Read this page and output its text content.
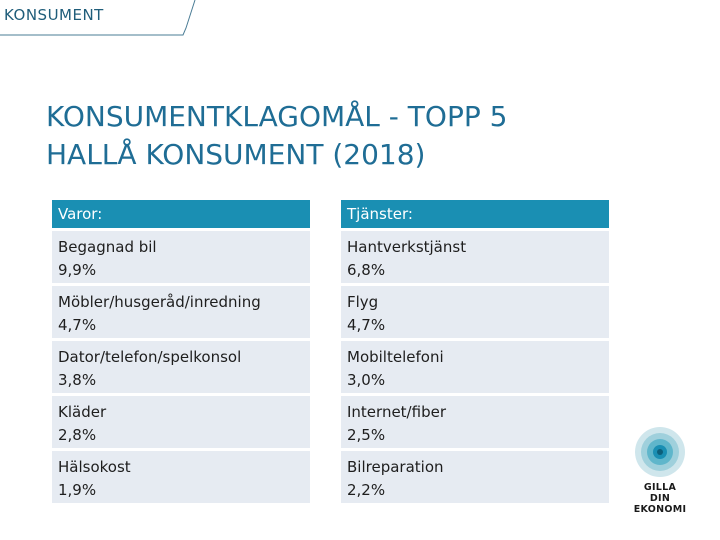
KONSUMENT
KONSUMENTKLAGOMÅL - TOPP 5
HALLÅ KONSUMENT (2018)
Varor:
Begagnad bil
9,9%
Möbler/husgeråd/inredning
4,7%
Dator/telefon/spelkonsol
3,8%
Kläder
2,8%
Hälsokost
1,9%
Tjänster:
Hantverkstjänst
6,8%
Flyg
4,7%
Mobiltelefoni
3,0%
Internet/fiber
2,5%
Bilreparation
2,2%	GILLA DIN
EKONOMI
